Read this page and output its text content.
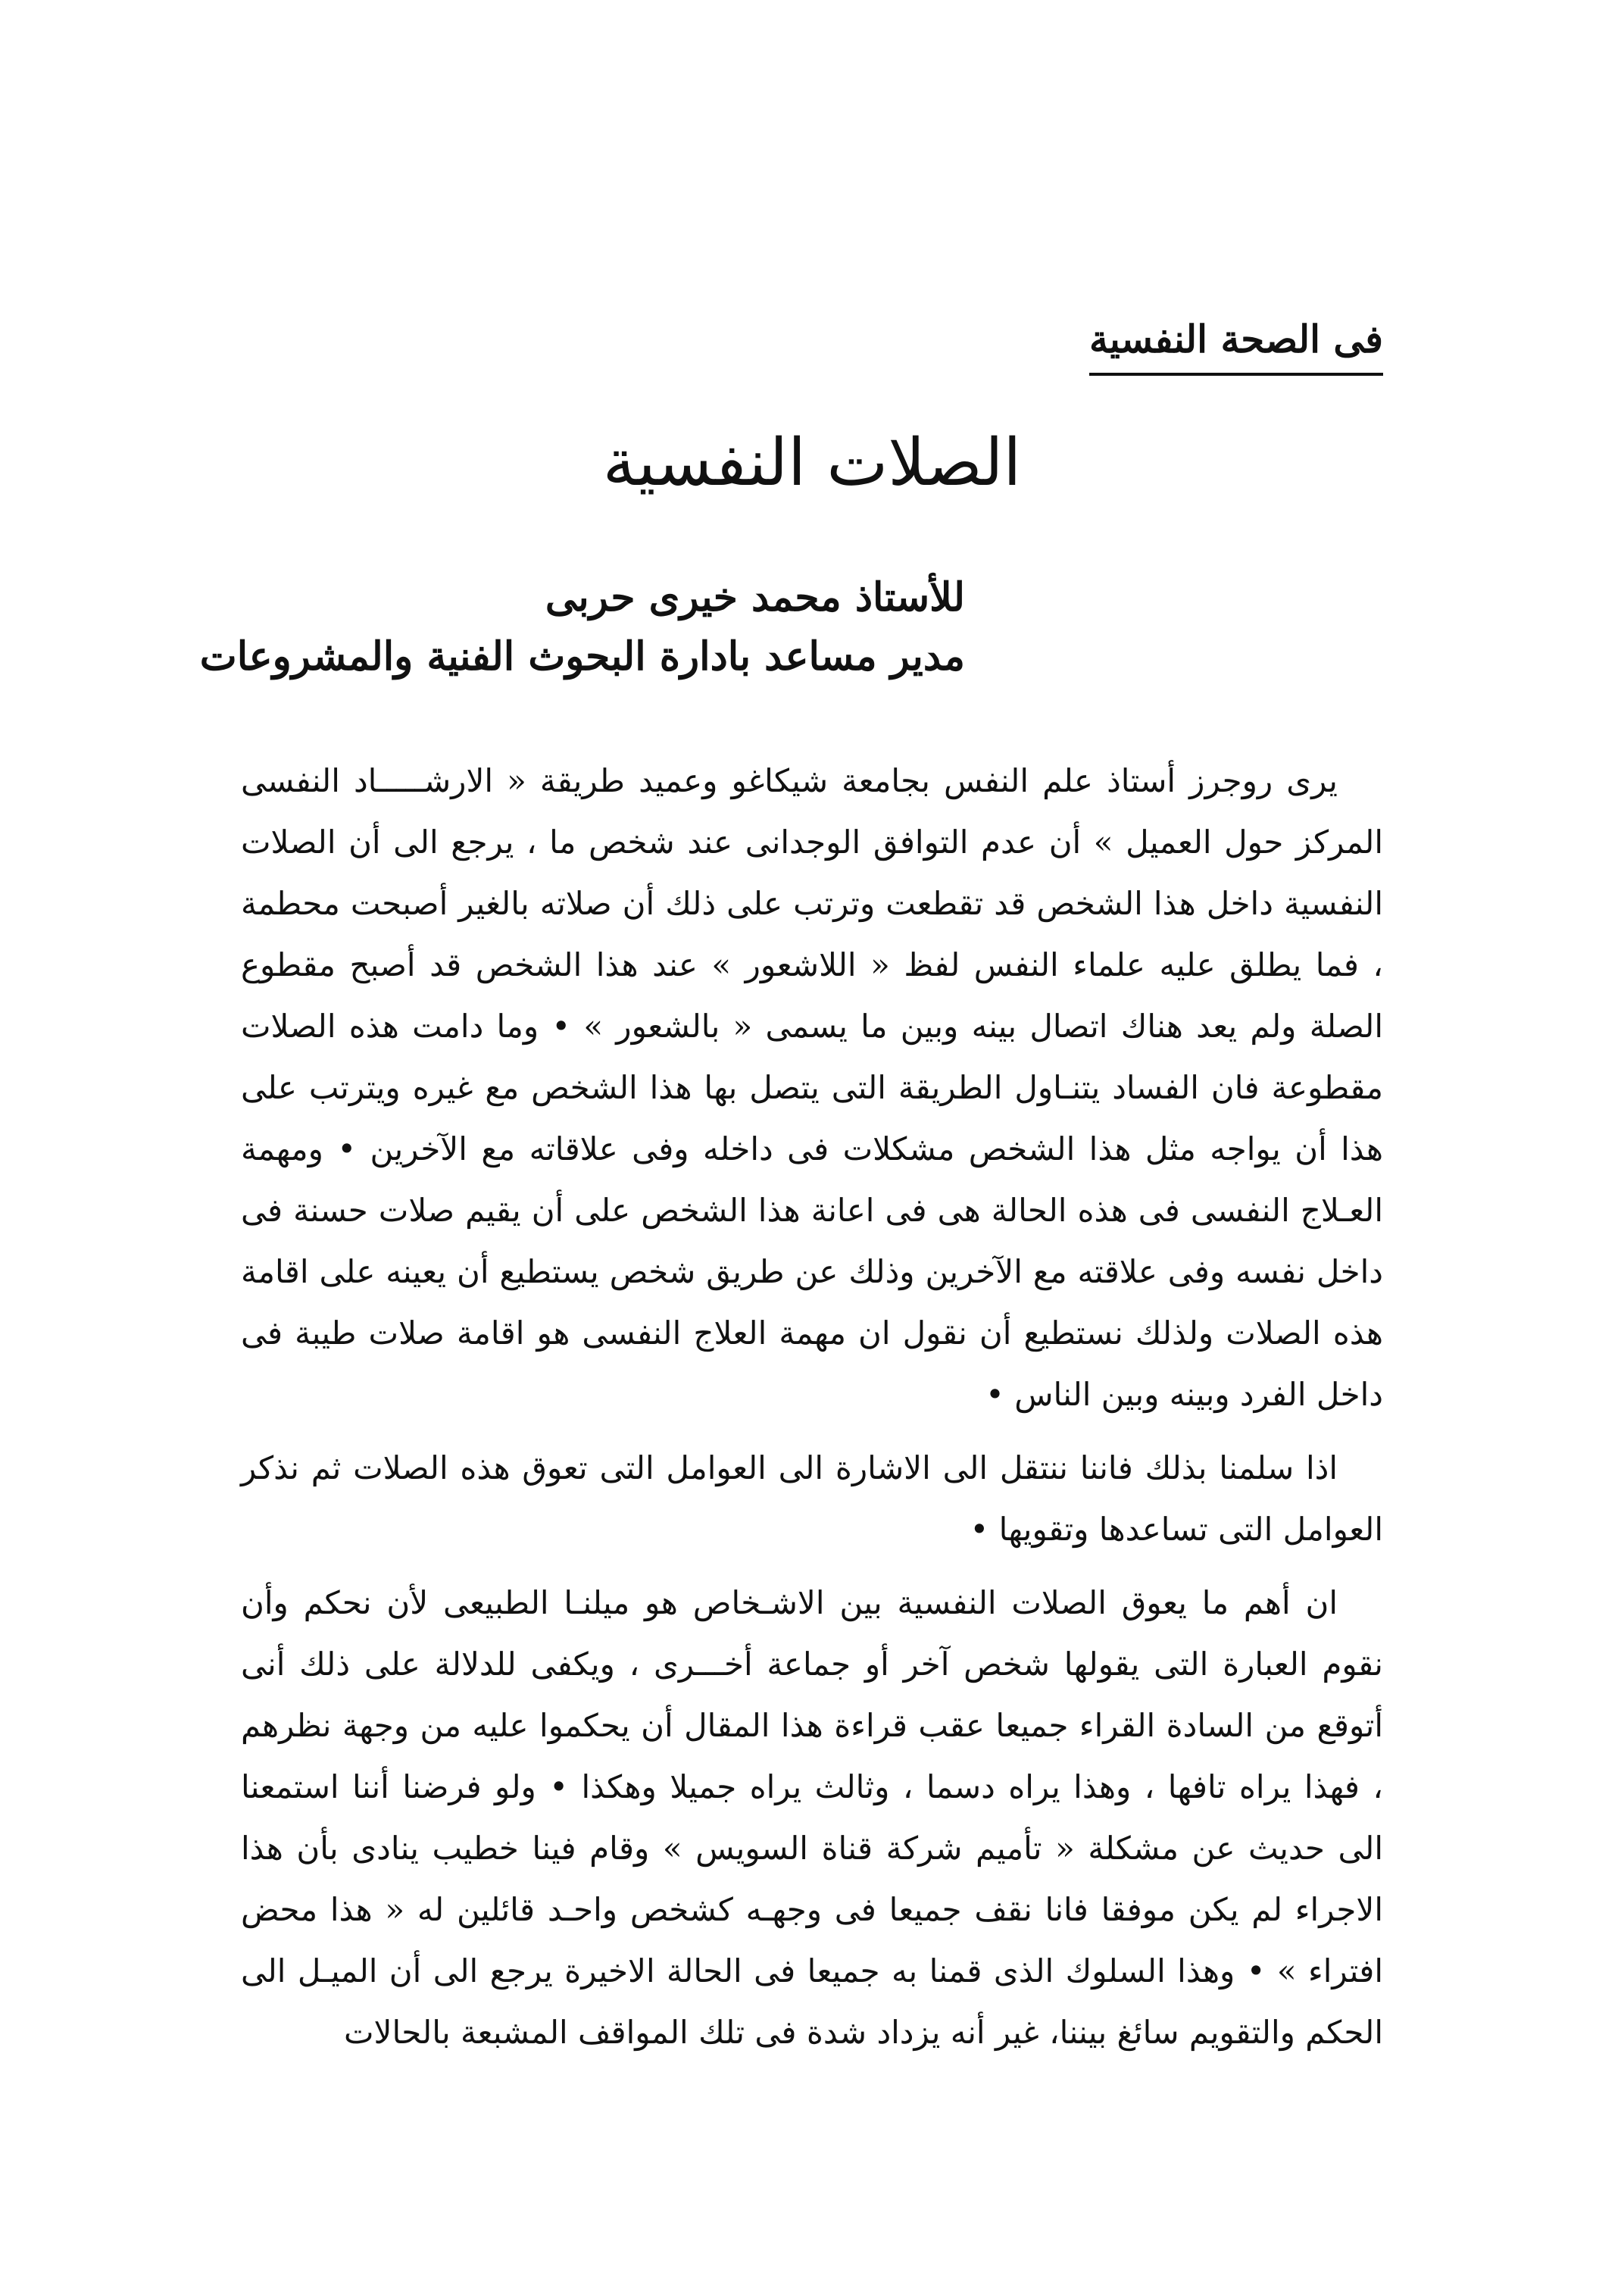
فى الصحة النفسية
الصلات النفسية
للأستاذ محمد خيرى حربى
مدير مساعد بادارة البحوث الفنية والمشروعات

يرى روجرز أستاذ علم النفس بجامعة شيكاغو وعميد طريقة « الارشـــــاد النفسى المركز حول العميل » أن عدم التوافق الوجدانى عند شخص ما ، يرجع الى أن الصلات النفسية داخل هذا الشخص قد تقطعت وترتب على ذلك أن صلاته بالغير أصبحت محطمة ، فما يطلق عليه علماء النفس لفظ « اللاشعور » عند هذا الشخص قد أصبح مقطوع الصلة ولم يعد هناك اتصال بينه وبين ما يسمى « بالشعور » • وما دامت هذه الصلات مقطوعة فان الفساد يتنـاول الطريقة التى يتصل بها هذا الشخص مع غيره ويترتب على هذا أن يواجه مثل هذا الشخص مشكلات فى داخله وفى علاقاته مع الآخرين • ومهمة العـلاج النفسى فى هذه الحالة هى فى اعانة هذا الشخص على أن يقيم صلات حسنة فى داخل نفسه وفى علاقته مع الآخرين وذلك عن طريق شخص يستطيع أن يعينه على اقامة هذه الصلات ولذلك نستطيع أن نقول ان مهمة العلاج النفسى هو اقامة صلات طيبة فى داخل الفرد وبينه وبين الناس •

اذا سلمنا بذلك فاننا ننتقل الى الاشارة الى العوامل التى تعوق هذه الصلات ثم نذكر العوامل التى تساعدها وتقويها •

ان أهم ما يعوق الصلات النفسية بين الاشـخاص هو ميلنـا الطبيعى لأن نحكم وأن نقوم العبارة التى يقولها شخص آخر أو جماعة أخـــرى ، ويكفى للدلالة على ذلك أنى أتوقع من السادة القراء جميعا عقب قراءة هذا المقال أن يحكموا عليه من وجهة نظرهم ، فهذا يراه تافها ، وهذا يراه دسما ، وثالث يراه جميلا وهكذا • ولو فرضنا أننا استمعنا الى حديث عن مشكلة « تأميم شركة قناة السويس » وقام فينا خطيب ينادى بأن هذا الاجراء لم يكن موفقا فانا نقف جميعا فى وجهـه كشخص واحـد قائلين له « هذا محض افتراء » • وهذا السلوك الذى قمنا به جميعا فى الحالة الاخيرة يرجع الى أن الميـل الى الحكم والتقويم سائغ بيننا، غير أنه يزداد شدة فى تلك المواقف المشبعة بالحالات
